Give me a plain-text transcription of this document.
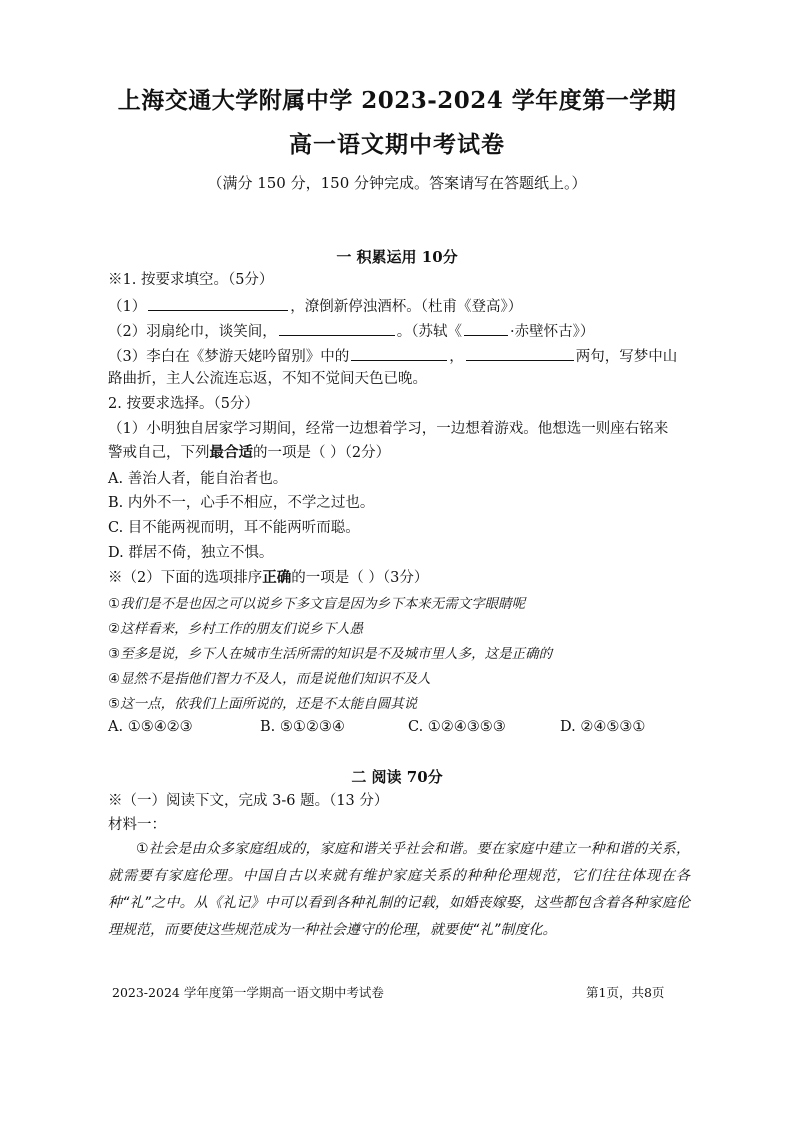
上海交通大学附属中学 2023-2024 学年度第一学期
高一语文期中考试卷
（满分 150 分，150 分钟完成。答案请写在答题纸上。）
一 积累运用 10分
※1. 按要求填空。（5分）
（1）	，潦倒新停浊酒杯。（杜甫《登高》）
（2）羽扇纶巾，谈笑间，	。（苏轼《	·赤壁怀古》）
（3）李白在《梦游天姥吟留别》中的	，	两句，写梦中山
路曲折，主人公流连忘返，不知不觉间天色已晚。
2. 按要求选择。（5分）
（1）小明独自居家学习期间，经常一边想着学习，一边想着游戏。他想选一则座右铭来
警戒自己，下列最合适的一项是（ ）（2分）
A. 善治人者，能自治者也。
B. 内外不一，心手不相应，不学之过也。
C. 目不能两视而明，耳不能两听而聪。
D. 群居不倚，独立不惧。
※（2）下面的选项排序正确的一项是（ ）（3分）
①我们是不是也因之可以说乡下多文盲是因为乡下本来无需文字眼睛呢
②这样看来，乡村工作的朋友们说乡下人愚
③至多是说，乡下人在城市生活所需的知识是不及城市里人多，这是正确的
④显然不是指他们智力不及人，而是说他们知识不及人
⑤这一点，依我们上面所说的，还是不太能自圆其说
A. ①⑤④②③	B. ⑤①②③④	C. ①②④③⑤③	D. ②④⑤③①
二 阅读 70分
※（一）阅读下文，完成 3-6 题。（13 分）
材料一：
①社会是由众多家庭组成的，家庭和谐关乎社会和谐。要在家庭中建立一种和谐的关系，就需要有家庭伦理。中国自古以来就有维护家庭关系的种种伦理规范，它们往往体现在各种“礼”之中。从《礼记》中可以看到各种礼制的记载，如婚丧嫁娶，这些都包含着各种家庭伦理规范，而要使这些规范成为一种社会遵守的伦理，就要使“礼”制度化。
2023-2024 学年度第一学期高一语文期中考试卷	第1页，共8页
